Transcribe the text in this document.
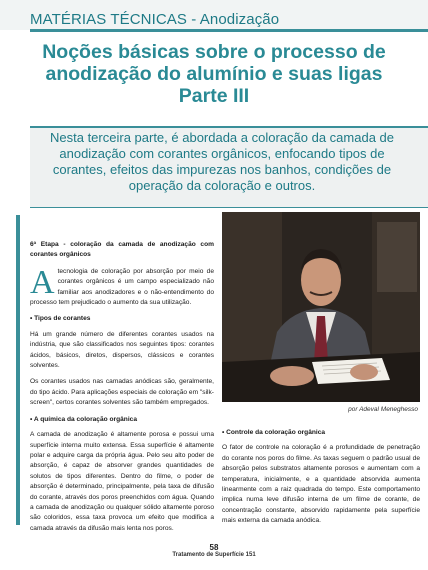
MATÉRIAS TÉCNICAS - Anodização
Noções básicas sobre o processo de
anodização do alumínio e suas ligas
Parte III
Nesta terceira parte, é abordada a coloração da camada de anodização com corantes orgânicos, enfocando tipos de corantes, efeitos das impurezas nos banhos, condições de operação da coloração e outros.

6ª Etapa - coloração da camada de anodização com corantes orgânicos

Atecnologia de coloração por absorção por meio de corantes orgânicos é um campo especializado não familiar aos anodizadores e o não-entendimento do processo tem prejudicado o aumento da sua utilização.

• Tipos de corantes

Há um grande número de diferentes corantes usados na indústria, que são classificados nos seguintes tipos: corantes ácidos, básicos, diretos, dispersos, clássicos e corantes solventes.

Os corantes usados nas camadas anódicas são, geralmente, do tipo ácido. Para aplicações especiais de coloração em "silk-screen", certos corantes solventes são também empregados.

• A química da coloração orgânica

A camada de anodização é altamente porosa e possui uma superfície interna muito extensa. Essa superfície é altamente polar e adquire carga da própria água. Pelo seu alto poder de absorção, é capaz de absorver grandes quantidades de solutos de tipos diferentes. Dentro do filme, o poder de absorção é determinado, principalmente, pela taxa de difusão do corante, através dos poros preenchidos com água. Quando a camada de anodização ou qualquer sólido altamente poroso são coloridos, essa taxa provoca um efeito que modifica a camada através da difusão mais lenta nos poros.

por Adeval Meneghesso

• Controle da coloração orgânica

O fator de controle na coloração é a profundidade de penetração do corante nos poros do filme. As taxas seguem o padrão usual de absorção pelos substratos altamente porosos e aumentam com a temperatura, inicialmente, e a quantidade absorvida aumenta linearmente com a raiz quadrada do tempo. Este comportamento implica numa leve difusão interna de um filme de corante, de concentração constante, absorvido rapidamente pela superfície mais externa da camada anódica.

58
Tratamento de Superfície 151
